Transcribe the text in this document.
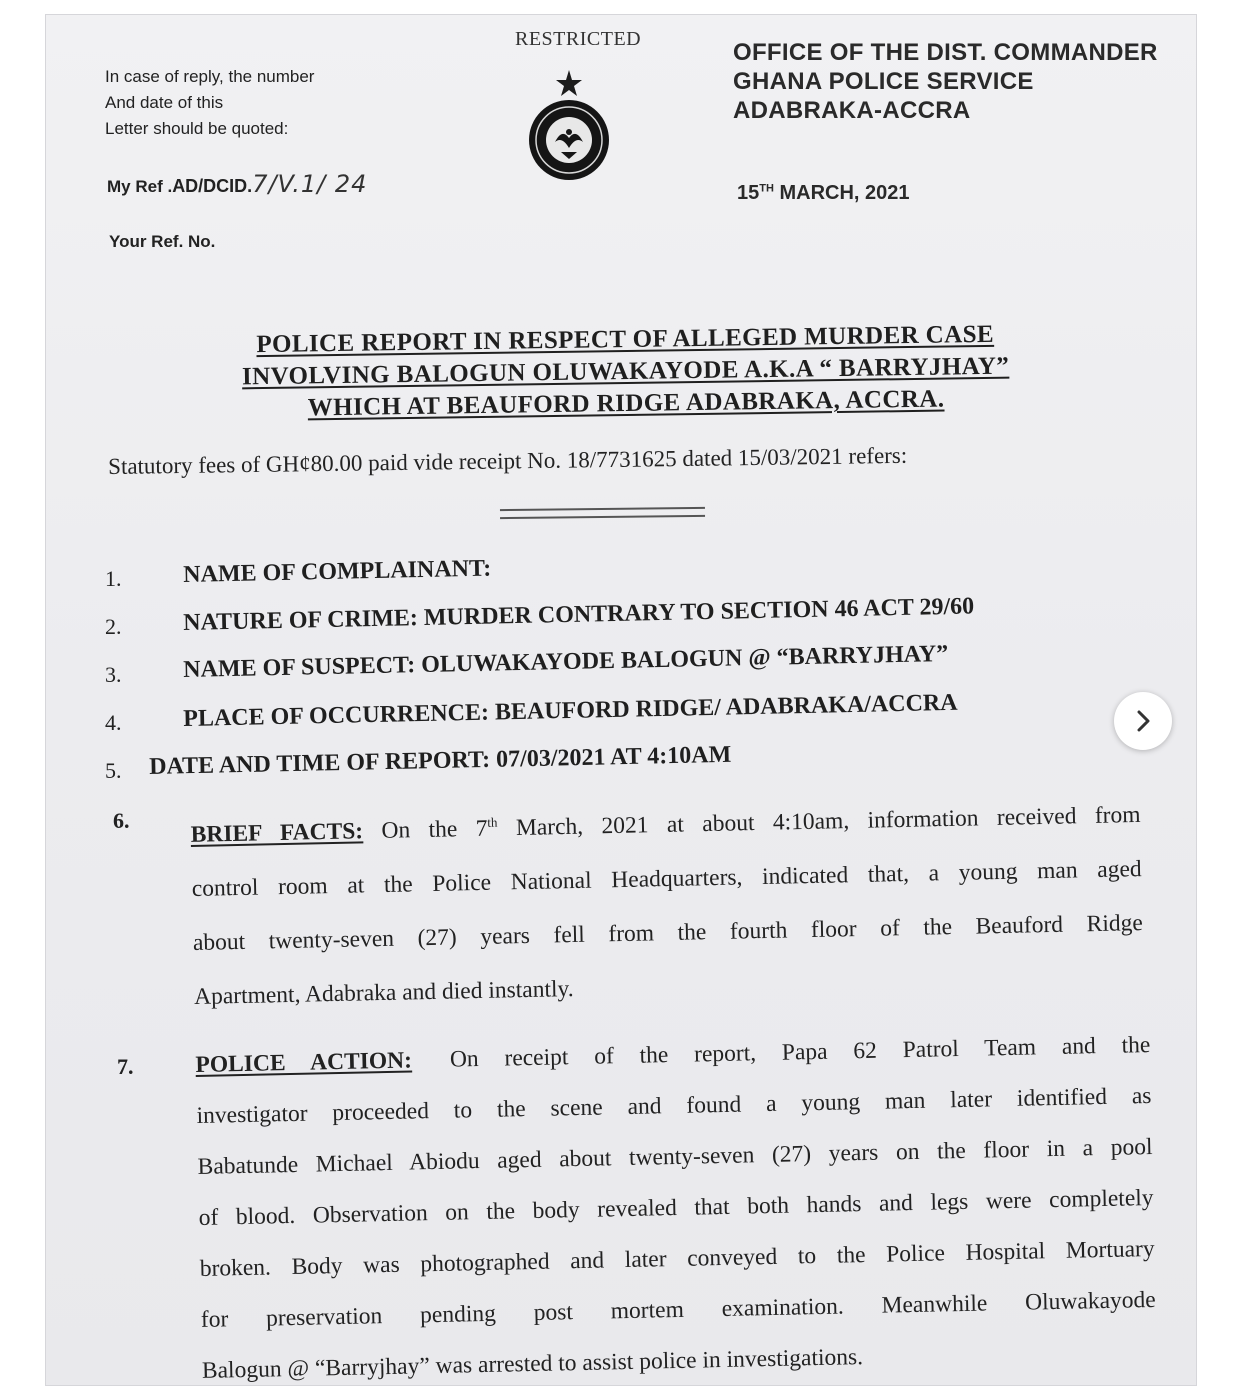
RESTRICTED
In case of reply, the number
And date of this
Letter should be quoted:
OFFICE OF THE DIST. COMMANDER
GHANA POLICE SERVICE
ADABRAKA-ACCRA
My Ref .AD/DCID.7/V.1/ 24
Your Ref. No.
15TH MARCH, 2021
POLICE REPORT IN RESPECT OF ALLEGED MURDER CASE
INVOLVING BALOGUN OLUWAKAYODE A.K.A “ BARRYJHAY”
WHICH AT BEAUFORD RIDGE ADABRAKA, ACCRA.
Statutory fees of GH¢80.00 paid vide receipt No. 18/7731625 dated 15/03/2021 refers:
1.	NAME OF COMPLAINANT:
2.	NATURE OF CRIME: MURDER CONTRARY TO SECTION 46 ACT 29/60
3.	NAME OF SUSPECT: OLUWAKAYODE BALOGUN @ “BARRYJHAY”
4.	PLACE OF OCCURRENCE: BEAUFORD RIDGE/ ADABRAKA/ACCRA
5. DATE AND TIME OF REPORT: 07/03/2021 AT 4:10AM
6.	BRIEF FACTS: On the 7th March, 2021 at about 4:10am, information received from
control room at the Police National Headquarters, indicated that, a young man aged
about twenty-seven (27) years fell from the fourth floor of the Beauford Ridge
Apartment, Adabraka and died instantly.
7.	POLICE ACTION: On receipt of the report, Papa 62 Patrol Team and the
investigator proceeded to the scene and found a young man later identified as
Babatunde Michael Abiodu aged about twenty-seven (27) years on the floor in a pool
of blood. Observation on the body revealed that both hands and legs were completely
broken. Body was photographed and later conveyed to the Police Hospital Mortuary
for preservation pending post mortem examination. Meanwhile Oluwakayode
Balogun @ “Barryjhay” was arrested to assist police in investigations.
